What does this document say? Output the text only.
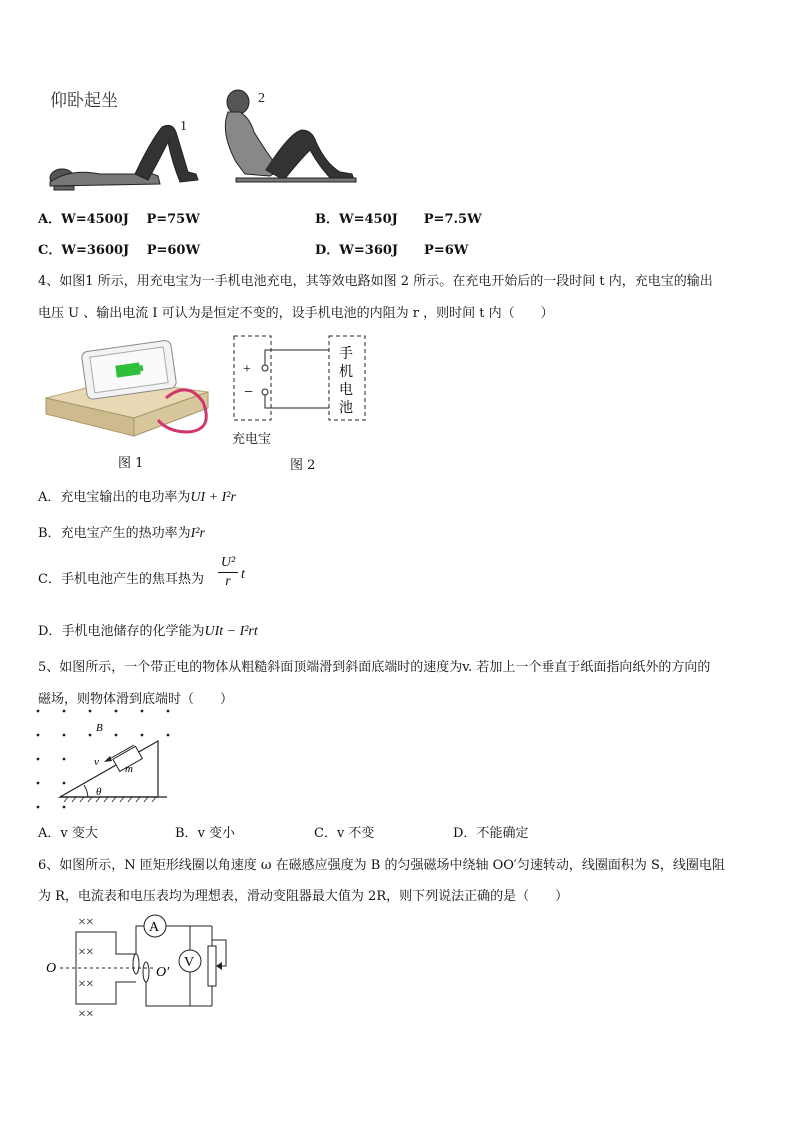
仰卧起坐
1
2
A．W=4500J　 P=75W	B．W=450J　　P=7.5W
C．W=3600J　 P=60W	D．W=360J　　P=6W
4、如图1 所示，用充电宝为一手机电池充电，其等效电路如图 2 所示。在充电开始后的一段时间 t 内，充电宝的输出
电压 U 、输出电流 I 可认为是恒定不变的，设手机电池的内阻为 r ，则时间 t 内（　　）
图 1
+
−
手
机
电
池
充电宝
图 2
A．充电宝输出的电功率为UI + I²r
B．充电宝产生的热功率为I²r
C．手机电池产生的焦耳热为
U²
r t
D．手机电池储存的化学能为UIt − I²rt
5、如图所示，一个带正电的物体从粗糙斜面顶端滑到斜面底端时的速度为v. 若加上一个垂直于纸面指向纸外的方向的
磁场，则物体滑到底端时（　　）
B
v
m
θ
A．v 变大	B．v 变小	C．v 不变	D．不能确定
6、如图所示，N 匝矩形线圈以角速度 ω 在磁感应强度为 B 的匀强磁场中绕轴 OO′匀速转动，线圈面积为 S，线圈电阻
为 R，电流表和电压表均为理想表，滑动变阻器最大值为 2R，则下列说法正确的是（　　）
××
××
××
××
O	O′
A
V
